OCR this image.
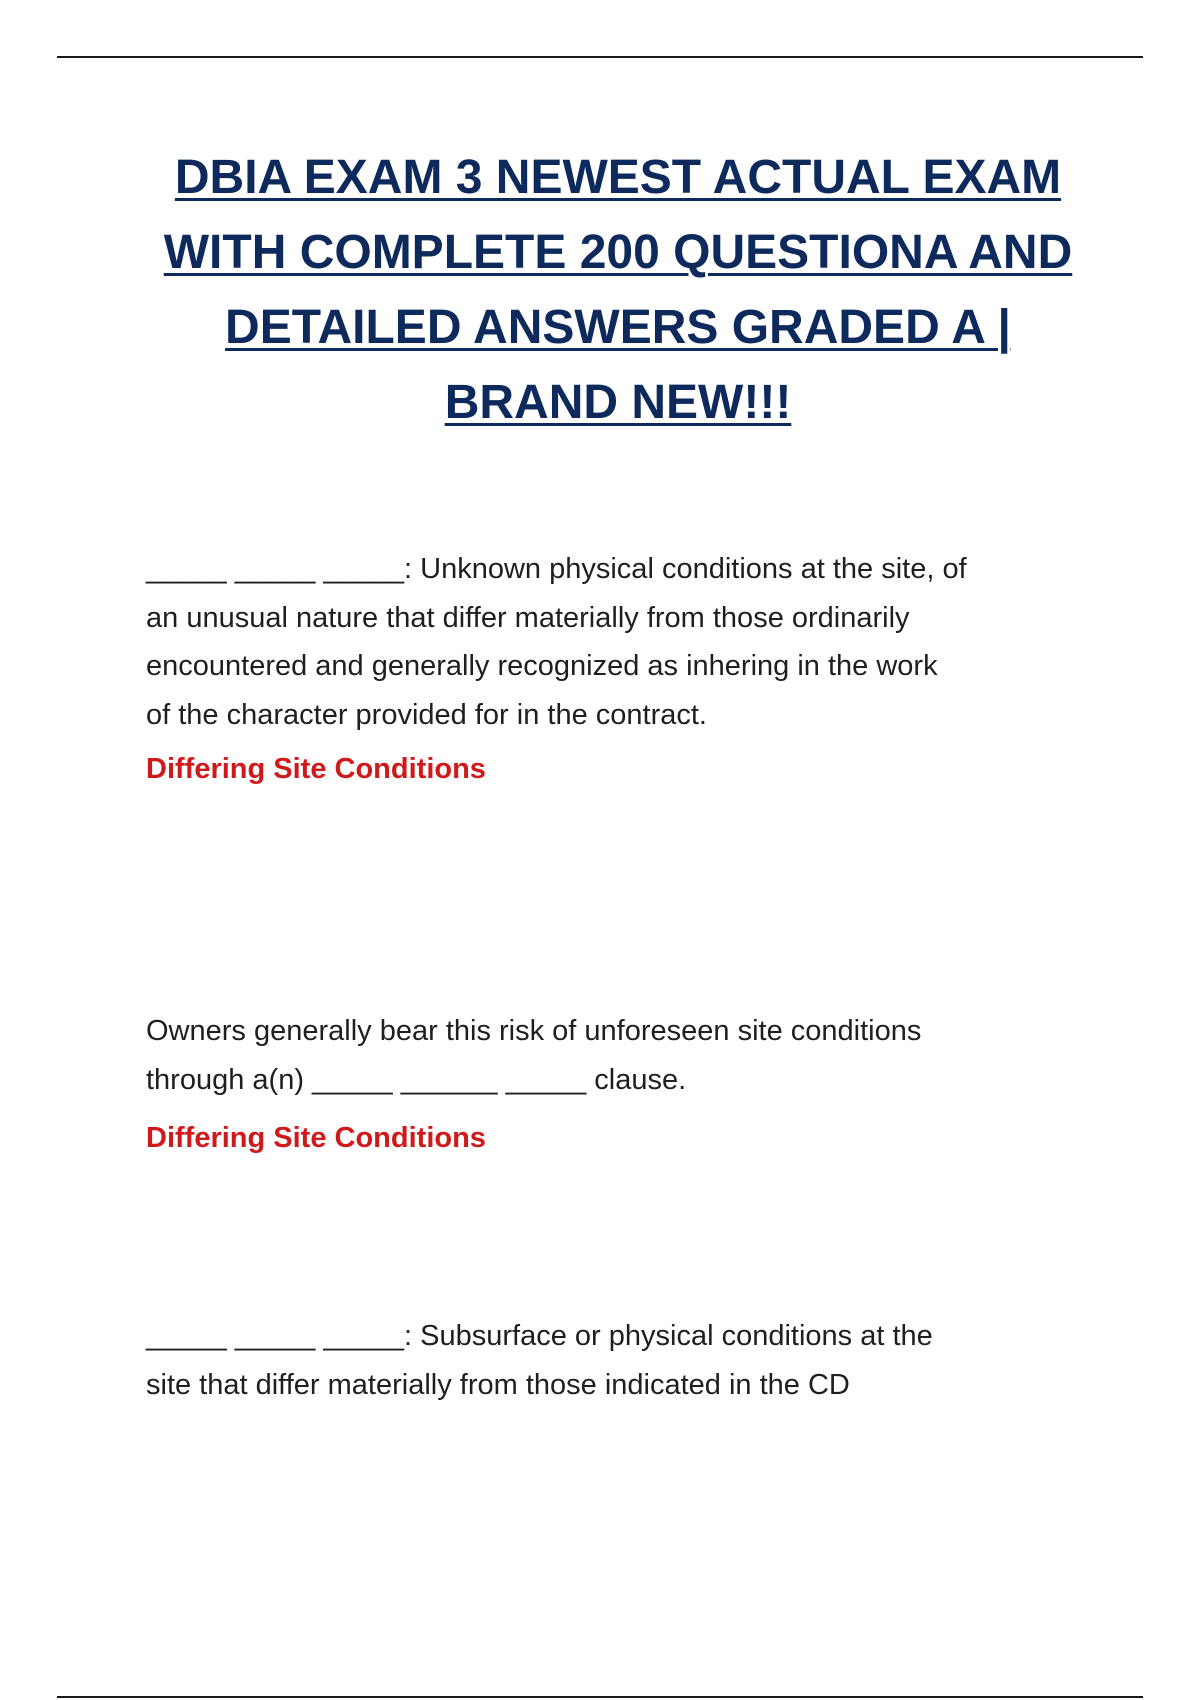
DBIA EXAM 3 NEWEST ACTUAL EXAM
WITH COMPLETE 200 QUESTIONA AND
DETAILED ANSWERS GRADED A |
BRAND NEW!!!

_____ _____ _____: Unknown physical conditions at the site, of
an unusual nature that differ materially from those ordinarily
encountered and generally recognized as inhering in the work
of the character provided for in the contract.

Differing Site Conditions

Owners generally bear this risk of unforeseen site conditions
through a(n) _____ ______ _____ clause.

Differing Site Conditions

_____ _____ _____: Subsurface or physical conditions at the
site that differ materially from those indicated in the CD
